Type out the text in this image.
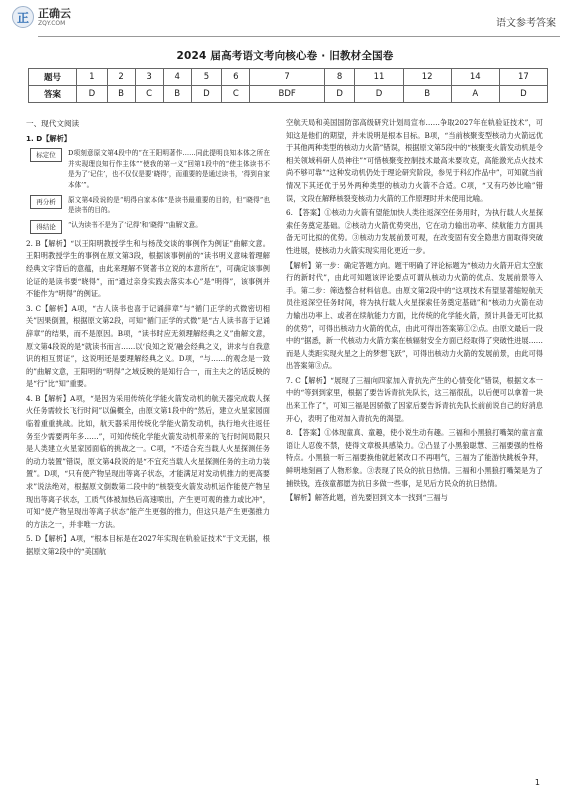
正 正确云
ZQY.COM	语文参考答案
2024 届高考语文考向核心卷 · 旧教材全国卷
题号	1	2	3	4	5	6	7	8	11	12	14	17
答案	D	B	C	B	D	C	BDF	D	D	B	A	D
一、现代文阅读

1. D【解析】

标定位	D项刻意原文第4段中的“在王阳明著作……同此提明良知本体之所在并实现理良知行作主体”“使我的第一义”回第1段中的“使主体读书不是为了‘记住’，也不仅仅是要‘晓得’，而重要的是通过读书，‘得到自家本体’”。
再分析	原文第4段说的是“明得自家本体”是读书最重要的目的，但“晓得”也是读书的目的。
得结论	“认为读书不是为了‘记得’和‘晓得’”曲解文意。

2. B【解析】“以王阳明教授学生和与杨茂交谈的事例作为例证”曲解文意。王阳明教授学生的事例在原文第3段，根据该事例前的“读书明义意味着理解经典文字背后的意蕴，由此来理解不贤著书立说的本意所在”，可确定该事例论证的是读书要“晓得”，而“通过亲身实践去落实本心”是“明得”，该事例并不能作为“明得”的例证。

3. C【解析】A项，“古人读书也喜于记诵辞章”与“循门正学的式微密切相关”因果倒置，根据原文第2段，可知“循门正学的式微”是“古人读书喜于记诵辞章”的结果，而不是原因。B项，“读书时应无须理解经典之义”曲解文意，原文第4段说的是“就读书而言……以‘良知之说’融会经典之义，讲求与自我意识的相互贯证”，这说明还是要理解经典之义。D项，“与……的观念是一致的”曲解文意，王阳明的“明得”之域反映的是知行合一，而主夫之的话反映的是“行”比“知”重要。

4. B【解析】A项，“是因为采用传统化学能火箭发动机的航天器完成载人探火任务需较长飞行时间”以偏概全，由原文第1段中的“然后，建立火星家园面临着重重挑战。比如，航天器采用传统化学能火箭发动机，执行地火往返任务至少需要两年多……”，可知传统化学能火箭发动机带来的飞行时间局限只是人类建立火星家园面临的挑战之一。C项，“不适合充当载人火星探测任务的动力装置”错误，原文第4段说的是“不宜充当载人火星探测任务的主动力装置”。D项，“只有使产物呈现出等离子状态，才能满足对发动机推力的更高要求”说法绝对，根据原文倒数第二段中的“核裂变火箭发动机运作能使产物呈现出等离子状态，工质气体被加热后高速喷出，产生更可观的推力或比冲”，可知“使产物呈现出等离子状态”能产生更强的推力，但这只是产生更强推力的方法之一，并非唯一方法。

5. D【解析】A项，“根本目标是在2027年实现在轨验证技术”于文无据，根据原文第2段中的“美国航

空航天局和美国国防部高级研究计划局宣布……争取2027年在轨验证技术”，可知这是他们的期望，并未说明是根本目标。B项，“当前核聚变型核动力火箭远优于其他两种类型的核动力火箭”错误，根据原文第5段中的“核聚变火箭发动机是令相关领域科研人员神往”“可惜核聚变控制技术最高未要攻克，高能激光点火技术尚不够可靠”“这种发动机仍处于理论研究阶段，参见于科幻作品中”，可知就当前情况下其还优于另外两种类型的核动力火箭不合适。C项，“又有巧妙比喻”错误，文段在解释核裂变核动力火箭的工作原理时并未使用比喻。

6. 【答案】①核动力火箭有望能加快人类往返深空任务用时，为执行载人火星探索任务奠定基础。②核动力火箭优势突出，它在动力输出功率、续航能力方面具备无可比拟的优势。③核动力发展前景可观，在改变固有安全隐患方面取得突破性进展，使核动力火箭实现实用化更近一步。

【解析】第一步：确定答题方向。题干明确了评论标题为“核动力火箭开启太空旅行的新时代”，由此可知题该评论要点可谓从核动力火箭的优点、发展前景等入手。第二步：筛选整合材料信息。由原文第2段中的“这项技术有望显著缩短航天员往返深空任务时间，将为执行载人火星探索任务奠定基础”和“核动力火箭在动力输出功率上、或者在续航能力方面，比传统的化学能火箭，预计具备无可比拟的优势”，可得出核动力火箭的优点，由此可得出答案第①②点。由原文最后一段中的“据悉，新一代核动力火箭方案在核辐射安全方面已经取得了突破性进展……而是人类距实现火星之上的梦想飞跃”，可得出核动力火箭的发展前景，由此可得出答案第③点。

7. C【解析】“展现了三福向四家加入青抗先产生的心情变化”错误，根据文本一中的“等到到家里，根据了要告诉青抗先队长，这三福很乱，以后便可以拿着一块出来工作了”，可知三福是因骄傲了因家后要告诉青抗先队长前前说自己的好消息开心，表明了他对加入青抗先的渴望。

8. 【答案】①体现童真、童趣，使小说生动有趣。三福和小黑狼打嘴架的童言童语让人忍俊不禁，使得文章极具感染力。②凸显了小黑狼聪慧、三福要强的性格特点。小黑狼一听三福要换他就赶紧改口不再唱气，三福为了能游快跳板争拜，鲜明地刻画了人物形象。③表现了民众的抗日热情。三福和小黑狼打嘴架是为了捕铁钱，连孩童都愿为抗日多做一些事，足见后方民众的抗日热情。

【解析】解答此题，首先要回到文本一找到“三福与

1
